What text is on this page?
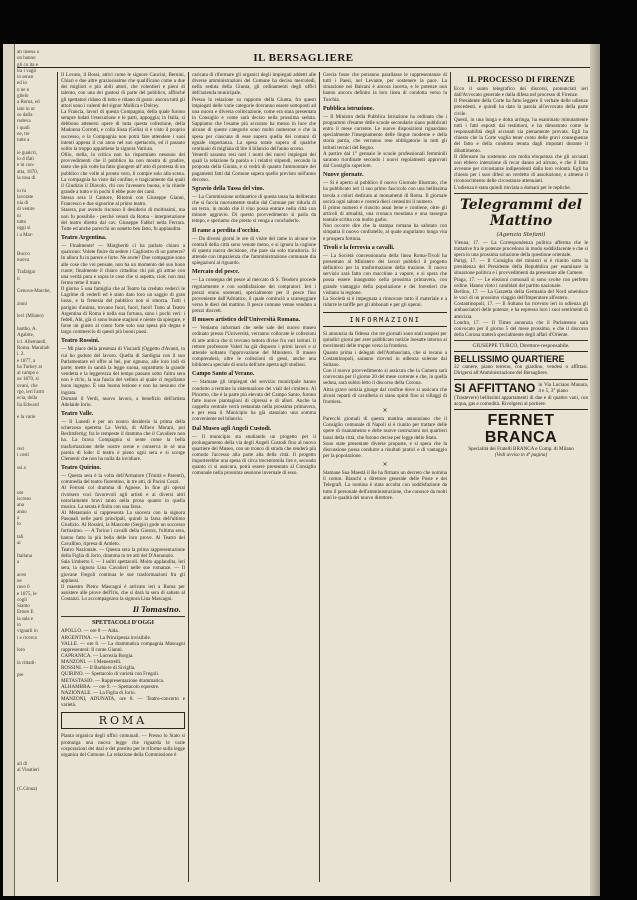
IL BERSAGLIERE
ati insesa a
on hanno
gli cu ita e
tra i vagli
in senso
ed io
n ne n
glielo
a Roma, ed
iato in ut
so dalla
rodeva
i quali
ne, tre
tutte a

ie gualcri,
lo d ifati
e in con-
atta, 1870,
la rosa di

io tu
lavorate
nia di
di venire
ni
tutto
oggi si
i a Mar-

Bucco
nuova

Trafalgar
ti

Genova-Marche,

zioni

levi (Milano)

bartho, A. Agabite,
ici. Allemandi,
Roma. Maraliah
i. 2.
e 1877, a
ha Turkey at
al campo e
ne 1870, si
ovani, che
rgo, ieri l'arm
ecia, della
lia Edward

e la varie

reci
i costi

ssi a

ore
iscreso
ana
anno
a
lo

tali
ai

Italiana
a

aceo
ne
ravo 6
e 1875, le
cogli
Siamo
Ettore E
la sala e
in
vignarli in
i e ricerca

loro

la cittadi-

pre

ali di
al Vinatieri

(C.Ginna)

Il Lovato, il Bossi, attivi come le signore Cancini, Bernini, Chiari e due altre graziosissime che qualificano come a due dei migliori e più abili attori, che volentieri e pieni di talento, con una dei gustosi di parte del pubblico, affinché gli spettatori ridano di tutto e ridano di gusto: ancora tutti gli attori sono i valenti del signor Mollica e Dolcey.

La Francia, lavori di questa Compagnia, della quale furono sempre lodati l'esecuzione e le parti, appoggia; in Italia, si debbono attenersi opere di tutta questa collezione, della Madonna Corrotti, e colla Sissa (Gella) si è visto il proprio successo, e la Compagnia non potrà fare attendere i suoi intenti appena il cui anno nel suo spettacolo, ed il passato solito la troppo appartiene la signora Vatican.

Ollio, stella, la critica non ha risparmiato nessuno dei provvedimenti che il pubblico ha non mostra di gradire, tanto che più volte ha fatto giungere all' atto di protesta di un pubblico che volle al pronto vero, li compie solo alla scena. La compagnia ha visto dal confine, e tragicamente dai quali il Giudizio il Diavolo, chi con l'avessero buona, e la chiede grande a tutto e in pochi li ebbe pure dei canti.

Stessa sera il Cantore, Ritornò con Giuseppe Gianni, Francesco e due signorine al primo teatro.

Stasera, pur avendo riscosso il desiderio di moltissimi, ma non fu possibile - perché venuti da Roma - interpretazione del teatro diretto dal cav. Giuseppe Fabbri nella Ferrara. Tutte ed anche parecchi un sonetto ben fatto, fu applaudita.

Teatro Argentina.

— Finalmente! — Margheriti ci ha parlato chiaro a qualcuno: Volete finire da sedere i Cagliostro di un parterre? In allora fu in parere e forte. Ne avete? Due compagnie sono alle cose che voi pensate, non ha un momento del suo buon cuore; finalmente il chiaro cittadino chi più gli attrae con una verità pura e sopra le cose che si aspetta, cioè; non mai fermo teme il mare.

Il giorno 5 una famiglia che al Teatro ha creduto vederci le Lagrime di vederli ed è stato dato loro un saggio di gran lusso, e la frenesia del pubblico non si smorza. Tutti i parigini d'anima, trovano fuori, fuori, fuori! Tutto al Teatro Argentina di Roma è nella sua fortuna, sono i pochi veri: i fedeli, Ahi, già ci sono buone stagioni e niente da spiegare, e forse un giusto al conto forte solo una spesa più degna e largo commercio di questi più buoni passi.

Teatro Rossini.

— Mi piace della presenza di Viscardi (Oggetto d'Avanti, in cui ho goduto del lavoro. Quella di Sardigna con il suo Parlamentare ed offre ai bei, pur ognuno, alle loro lodi di parte; mette in sanità la legge suona, soprattutto la grande vendetta e la leggerezza del tempo passato sotto l'altra sera non è ch'io, la sua fascia del velluto al quale ci regoliamo buon ingegno. È una buona lezione e non ha nessuno che ingrata.

Domani il Verdi, nuovo lavoro, a benefizio dell'artista Adelaide Iorio.

Teatro Valle.

— Il Lunedì è per un nostro desiderio la prima della scherzosa operetta La Verità, di Alfiero Morani, poi Rechtsfertig; fra le tempeste il dramma che il Cavaliere non ha. La brava Compagnia si sente come la bella trasformazione delle nostre scene e conserva in sé una parola di lode: il teatro è pieno ogni sera e si scorge Clementi che non ha nulla da invidiare.

Teatro Quirino.

— Questa sera è la volta dell'Armatore (Trinità e Parenti), commedia del teatro fiorentino, in tre atti, di Pacini Cozzi.

Al Ferroni col dramma di Agnese. In fine gli operai rivolsero voci favorevoli agli artisti e ai diversi altri notoriamente bravi tanto nella prosa quanto in quella musica. La serata è finita con una farsa.

Al Metastasio si rappresenta La suocera con la signora Pasquali nelle parti principali, quindi la farsa dell'ultimo Giudizio. Al Rossini, la Mascotte (Sergio) gode un successo fortissimo. — A Torino i cavalli della Giostra, l'ultima sera, hanno fatto la più bella delle loro prove. Al Teatro del Cavallino, ripresa di Amleto.

Teatro Nazionale. — Questa sera la prima rappresentazione della Figlia di Jorio, dramma in tre atti del D'Annunzio.

Sala Umberto I. — I soliti spettacoli. Molto applaudita, ieri sera, la signora Lina Cavalieri nelle sue romanze. — Il giovane Fregoli continua le sue trasformazioni fra gli applausi.

Il maestro Pietro Mascagni è arrivato ieri a Roma per assistere alle prove dell'Iris, che si darà la sera di sabato al Costanzi. Lo accompagnava la signora Lina Mascagni.

Il Tomasino.

SPETTACOLI D'OGGI

APOLLO. — ore 8 — Aida.

ARGENTINA. — La Principessa invisibile.

VALLE. — ore 8. — La drammatica compagnia Mascagni rappresenterà: Il conte Gianni.

CAPRANICA. — Lucrezia Borgia.

MANZONI. — I Menestrelli.

ROSSINI. — Il Barbiere di Siviglia.

QUIRINO. — Spettacolo di varietà con Fregoli.

METASTASIO. — Rappresentazione drammatica.

ALHAMBRA. — ore 9. — Spettacolo equestre.

NAZIONALE. — La Figlia di Jorio.

MANZONI, ADUNATA, ore 8. — Teatro-concerto e varietà.

ROMA

Pianta organica degli uffici comunali. — Presso lo Stato si promulga una nuova legge che riguarda le varie corporazioni dei dazi e del prestito per le riforme sulla legge organica del Comune. La relazione della Commissione è

caricata di riformare gli organici degli impiegati addetti alle diverse amministrazioni del Comune ha deciso mercoledì, nella seduta della Giunta, gli ordinamenti degli uffici dell'azienda municipale.

Presso la relazione su rapporto della Giunta, fra questi impiegati delle varie categorie dovranno essere sottoposti ad una nuova e diversa collocazione, come era stata presentata in Consiglio e come sarà deciso nella prossima seduta. Sappiamo che l'esame più accurato ha messo in luce che alcune di queste categorie sono molto numerose e che la spesa per ciascuna di esse supera quella dei comuni di eguale importanza. La spesa totale supera di qualche centinaio di migliaia di lire il bilancio dell'anno scorso.

Venerdì saranno resi noti i nomi dei nuovi impiegati dei quali la relazione fa parola e i relativi stipendi, secondo la proposta della Giunta, e si vedrà di quanto l'ammontare dei pagamenti fatti dal Comune supera quello previsto nell'anno decorso.

Sgravio della Tassa del vino.

— La Commissione ordinatrice di questa tassa ha deliberato che si faccia nuovamente studio dal Comune per ridurla di un terzo, in modo che il vino possa entrare nella città con minore aggravio. Di questo provvedimento si parla da tempo, e speriamo che presto si venga a concluderlo.

Il rame a perdita d'occhio.

— Da diversi giorni le ore di visite del rame in alcune vie centrali della città sono venute meno, e si ignora la cagione di questa nuova decisione, che pare sia solo transitoria. Si attende con impazienza che l'amministrazione comunale dia spiegazioni al riguardo.

Mercato del pesce.

— La consegna del pesce al mercato di S. Teodoro procede regolarmente e con soddisfazione dei compratori. Ieri i prezzi erano sostenuti, specialmente per il pesce fino proveniente dall'Adriatico, il quale cominciò a scarseggiare verso le dieci del mattino. Il pesce comune venne venduto a prezzi discreti.

Il museo artistico dell'Università Romana.

— Veniamo informati che nelle sale del nuovo museo ordinato presso l'Università, verranno collocate le collezioni di arte antica che si trovano tuttora divise fra vari istituti. Il rettore professore Valeri ha già disposto i primi lavori e si attende soltanto l'approvazione del Ministero. Il museo comprenderà, oltre le collezioni di gessi, anche una biblioteca speciale di storia dell'arte aperta agli studiosi.

Campo Santo al Verano.

— Stamane gli impiegati del servizio municipale hanno condotto a termine la sistemazione dei viali del cimitero. Al Pincetto, che è la parte più elevata del Campo Santo, furono fatte nuove piantagioni di cipressi e di allori. Anche la cappella centrale verrà restaurata nella prossima primavera, e per essa il Municipio ha già stanziato una somma conveniente nel bilancio.

Dal Museo agli Angeli Custodi.

— Il municipio sta studiando un progetto per il prolungamento della via degli Angeli Custodi fino al nuovo quartiere del Museo, con un tronco di strada che renderà più comodo l'accesso alla parte alta della città. Il progetto importerebbe una spesa di circa trecentomila lire e, secondo quanto ci si assicura, potrà essere presentato al Consiglio comunale nella prossima sessione invernale di esso.

Grecia fosse che potranno parallasse le rappresentanze di tutti i Paesi, nel Levante, per sostenere la pace. La situazione nei Balcani è ancora incerta, e le potenze non hanno ancora definito la loro linea di condotta verso la Turchia.

Pubblica istruzione.

— Il Ministro della Pubblica Istruzione ha ordinato che i programmi d'esame delle scuole secondarie siano pubblicati entro il mese corrente. Le nuove disposizioni riguardano specialmente l'insegnamento delle lingue moderne e della storia patria, che verranno rese obbligatorie in tutti gli istituti tecnici del Regno.

A partire dal 1° gennaio le scuole professionali femminili saranno riordinate secondo i nuovi regolamenti approvati dal Consiglio superiore.

Nuove giornate.

— Si è aperto al pubblico il nuovo Giornale Illustrato, che ha pubblicato ieri il suo primo fascicolo con una bellissima tavola a colori dedicata ai monumenti di Roma. Il giornale uscirà ogni sabato e costerà dieci centesimi il numero.

Il primo numero è riuscito assai bene e contiene, oltre gli articoli di attualità, una cronaca mondana e una rassegna teatrale scritta con molto garbo.

Non occorre dire che la stampa romana ha salutato con simpatia il nuovo confratello, al quale auguriamo lunga vita e prospera fortuna.

Tivoli e la ferrovia a cavalli.

— La Società concessionaria della linea Roma-Tivoli ha presentato al Ministero dei lavori pubblici il progetto definitivo per la trasformazione della trazione. Il nuovo servizio sarà fatto con macchine a vapore, e si spera che possa essere inaugurato nella prossima primavera, con grande vantaggio della popolazione e dei forestieri che visitano la regione.

La Società si è impegnata a rinnovare tutto il materiale e a ridurre le tariffe per gli abbonati e per gli operai.

INFORMAZIONI

Si annunzia da Odessa che tre giornali sono stati sospesi per quindici giorni per aver pubblicato notizie inesatte intorno ai movimenti delle truppe verso la frontiera.

Quanto prima i delegati dell'Ambasciata, che si recano a Costantinopoli, saranno ricevuti in udienza solenne dal Sultano.

Con il nuovo provvedimento si assicura che la Camera sarà convocata per il giorno 20 del mese corrente e che, in quella seduta, sarà subito letto il discorso della Corona.

Altra grave notizia giunge dal confine dove si assicura che alcuni reparti di cavalleria si siano spinti fino ai villaggi di frontiera.

×

Parecchi giornali di questa mattina annunziano che il Consiglio comunale di Napoli si è riunito per trattare delle opere di risanamento e delle nuove costruzioni nei quartieri bassi della città, che furono decise per legge dello Stato.

Sono state presentate diverse proposte, e si spera che la discussione possa condurre a risultati pratici e di vantaggio per la popolazione.

×

Stamane Sua Maestà il Re ha firmato un decreto che nomina il comm. Bianchi a direttore generale delle Poste e dei Telegrafi. La nomina è stata accolta con soddisfazione da tutto il personale dell'amministrazione, che conosce da molti anni le qualità del nuovo direttore.

IL PROCESSO DI FIRENZE

Ecco il sunto telegrafico dei discorsi, pronunciati ieri dall'Avvocato generale e dalla difesa nel processo di Firenze.

Il Presidente della Corte ha fatto leggere il verbale delle udienze precedenti, e quindi ha dato la parola all'avvocato della parte civile.

Questi, in una lunga e dotta arringa, ha esaminato minutamente tutti i fatti esposti dai testimoni, e ha dimostrato come la responsabilità degli accusati sia pienamente provata. Egli ha chiesto che la Corte voglia tener conto delle gravi conseguenze del fatto e della condotta tenuta dagli imputati durante il dibattimento.

Il difensore ha sostenuto con molta eloquenza che gli accusati non ebbero intenzione di recar danno ad alcuno, e che il fatto avvenne per circostanze indipendenti dalla loro volontà. Egli ha chiesto per i suoi difesi un verdetto di assoluzione, o almeno il riconoscimento delle circostanze attenuanti.

L'udienza è stata quindi rinviata a domani per le repliche.

Telegrammi del Mattino

(Agenzia Stefani)

Vienna, 17. — La Correspondenza politica afferma che le trattative fra le potenze procedono in modo soddisfacente e che si spera in una prossima soluzione della questione orientale.

Parigi, 17. — Il Consiglio dei ministri si è riunito sotto la presidenza del Presidente della Repubblica per esaminare la situazione politica e i provvedimenti da presentare alle Camere.

Praga, 17. — Le elezioni comunali si sono svolte con perfetto ordine. Hanno vinto i candidati del partito nazionale.

Berlino, 17. — La Gazzetta della Germania del Nord smentisce le voci di un prossimo viaggio dell'Imperatore all'estero.

Costantinopoli, 17. — Il Sultano ha ricevuto ieri in udienza gli ambasciatori delle potenze, e ha espresso loro i suoi sentimenti di amicizia.

Londra, 17. — Il Times annunzia che il Parlamento sarà convocato per il giorno 5 del mese prossimo, e che il discorso della Corona tratterà specialmente degli affari d'Oriente.

GIUSEPPE TURCO, Direttore-responsabile.

BELLISSIMO QUARTIERE

22 camere, piano terreno, con giardino, vendesi o affittasi. Dirigersi all'Amministrazione del Bersagliere.

SI AFFITTANO in Via Luciano Manara, 4 e 5, 3° piano

(Trastevere) bellissimi appartamenti di due e di quattro vani, con acqua, gas e comodità. Rivolgersi al portiere.

FERNET BRANCA

Specialità dei Fratelli BRANCA e Comp. di Milano

(Vedi avviso in 4ª pagina)
